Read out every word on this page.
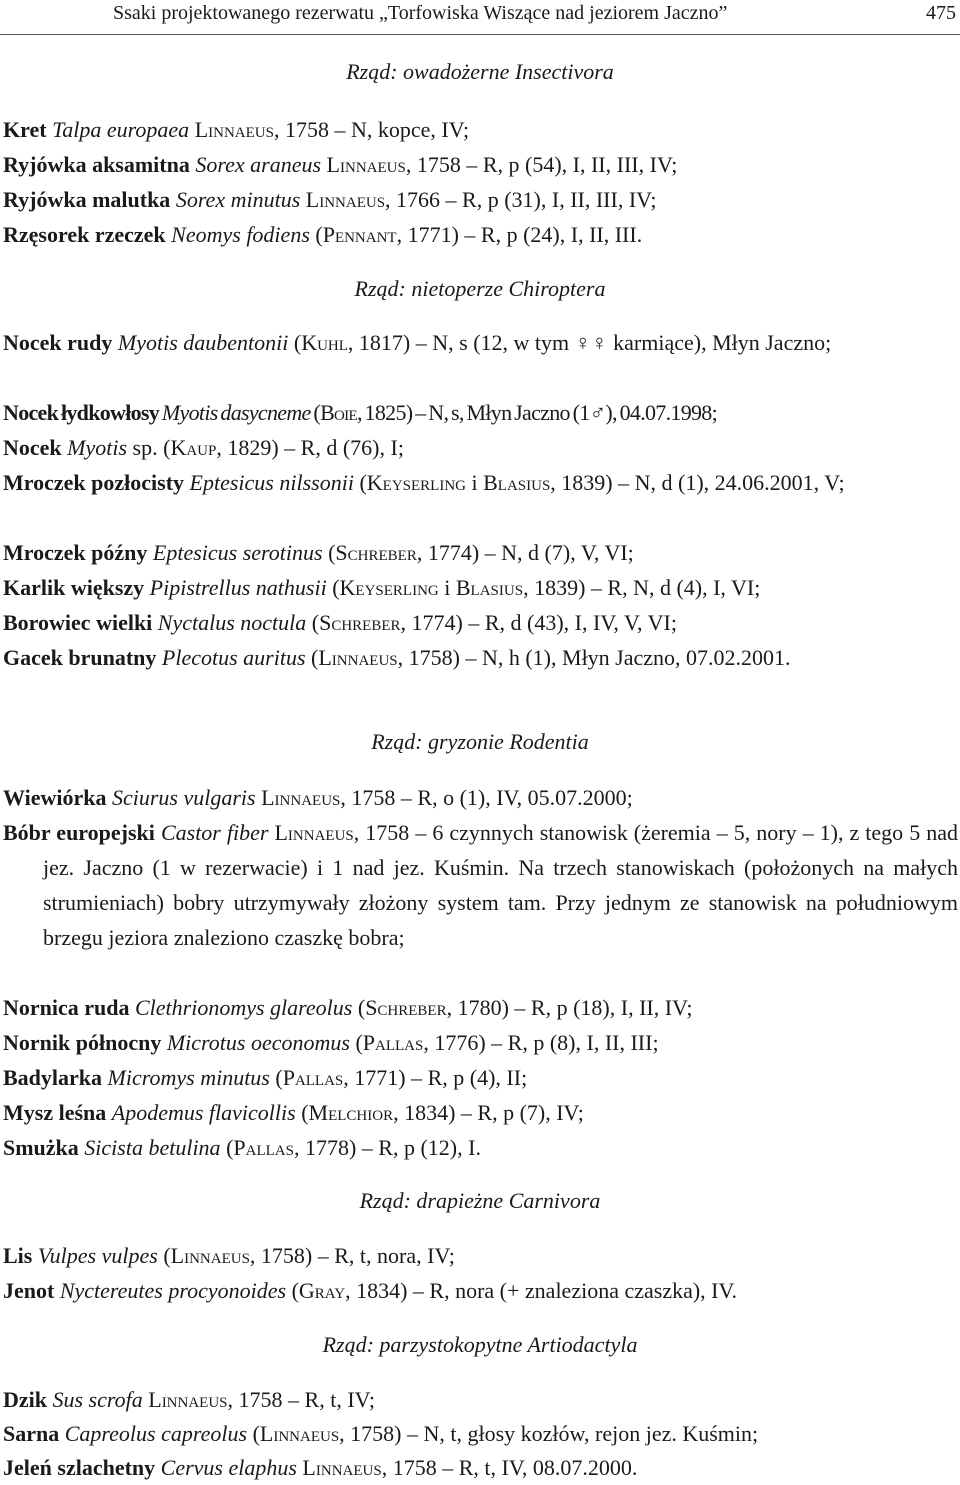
Ssaki projektowanego rezerwatu „Torfowiska Wiszące nad jeziorem Jaczno”	475
Rząd: owadożerne Insectivora
Kret Talpa europaea Linnaeus, 1758 – N, kopce, IV;
Ryjówka aksamitna Sorex araneus Linnaeus, 1758 – R, p (54), I, II, III, IV;
Ryjówka malutka Sorex minutus Linnaeus, 1766 – R, p (31), I, II, III, IV;
Rzęsorek rzeczek Neomys fodiens (Pennant, 1771) – R, p (24), I, II, III.
Rząd: nietoperze Chiroptera
Nocek rudy Myotis daubentonii (Kuhl, 1817) – N, s (12, w tym ♀♀ karmiące), Młyn Jaczno;
Nocek łydkowłosy Myotis dasycneme (Boie, 1825) – N, s, Młyn Jaczno (1♂), 04.07.1998;
Nocek Myotis sp. (Kaup, 1829) – R, d (76), I;
Mroczek pozłocisty Eptesicus nilssonii (Keyserling i Blasius, 1839) – N, d (1), 24.06.2001, V;
Mroczek późny Eptesicus serotinus (Schreber, 1774) – N, d (7), V, VI;
Karlik większy Pipistrellus nathusii (Keyserling i Blasius, 1839) – R, N, d (4), I, VI;
Borowiec wielki Nyctalus noctula (Schreber, 1774) – R, d (43), I, IV, V, VI;
Gacek brunatny Plecotus auritus (Linnaeus, 1758) – N, h (1), Młyn Jaczno, 07.02.2001.
Rząd: gryzonie Rodentia
Wiewiórka Sciurus vulgaris Linnaeus, 1758 – R, o (1), IV, 05.07.2000;
Bóbr europejski Castor fiber Linnaeus, 1758 – 6 czynnych stanowisk (żeremia – 5, nory – 1), z tego 5 nad jez. Jaczno (1 w rezerwacie) i 1 nad jez. Kuśmin. Na trzech stanowiskach (położonych na małych strumieniach) bobry utrzymywały złożony system tam. Przy jednym ze stanowisk na południowym brzegu jeziora znaleziono czaszkę bobra;
Nornica ruda Clethrionomys glareolus (Schreber, 1780) – R, p (18), I, II, IV;
Nornik północny Microtus oeconomus (Pallas, 1776) – R, p (8), I, II, III;
Badylarka Micromys minutus (Pallas, 1771) – R, p (4), II;
Mysz leśna Apodemus flavicollis (Melchior, 1834) – R, p (7), IV;
Smużka Sicista betulina (Pallas, 1778) – R, p (12), I.
Rząd: drapieżne Carnivora
Lis Vulpes vulpes (Linnaeus, 1758) – R, t, nora, IV;
Jenot Nyctereutes procyonoides (Gray, 1834) – R, nora (+ znaleziona czaszka), IV.
Rząd: parzystokopytne Artiodactyla
Dzik Sus scrofa Linnaeus, 1758 – R, t, IV;
Sarna Capreolus capreolus (Linnaeus, 1758) – N, t, głosy kozłów, rejon jez. Kuśmin;
Jeleń szlachetny Cervus elaphus Linnaeus, 1758 – R, t, IV, 08.07.2000.
